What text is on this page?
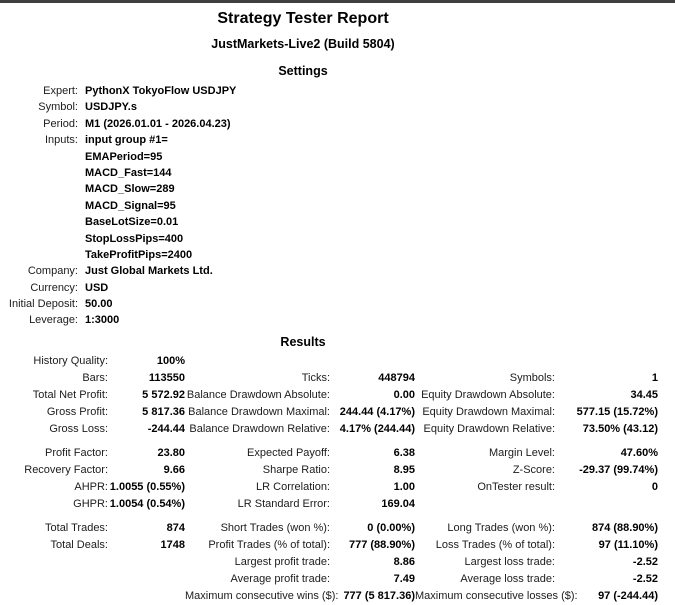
Strategy Tester Report
JustMarkets-Live2 (Build 5804)
Settings
Expert: PythonX TokyoFlow USDJPY
Symbol: USDJPY.s
Period: M1 (2026.01.01 - 2026.04.23)
Inputs: input group #1=
EMAPeriod=95
MACD_Fast=144
MACD_Slow=289
MACD_Signal=95
BaseLotSize=0.01
StopLossPips=400
TakeProfitPips=2400
Company: Just Global Markets Ltd.
Currency: USD
Initial Deposit: 50.00
Leverage: 1:3000
Results
History Quality:	100%
Bars:	113550	Ticks:	448794	Symbols:	1
Total Net Profit:	5 572.92 Balance Drawdown Absolute:	0.00 Equity Drawdown Absolute:	34.45
Gross Profit:	5 817.36 Balance Drawdown Maximal: 244.44 (4.17%) Equity Drawdown Maximal:	577.15 (15.72%)
Gross Loss:	-244.44 Balance Drawdown Relative: 4.17% (244.44) Equity Drawdown Relative:	73.50% (43.12)
Profit Factor:	23.80	Expected Payoff:	6.38	Margin Level:	47.60%
Recovery Factor:	9.66	Sharpe Ratio:	8.95	Z-Score:	-29.37 (99.74%)
AHPR: 1.0055 (0.55%)	LR Correlation:	1.00	OnTester result:	0
GHPR: 1.0054 (0.54%)	LR Standard Error:	169.04
Total Trades:	874	Short Trades (won %):	0 (0.00%)	Long Trades (won %):	874 (88.90%)
Total Deals:	1748	Profit Trades (% of total):	777 (88.90%)	Loss Trades (% of total):	97 (11.10%)
Largest profit trade:	8.86	Largest loss trade:	-2.52
Average profit trade:	7.49	Average loss trade:	-2.52
Maximum consecutive wins ($): 777 (5 817.36) Maximum consecutive losses ($):	97 (-244.44)
